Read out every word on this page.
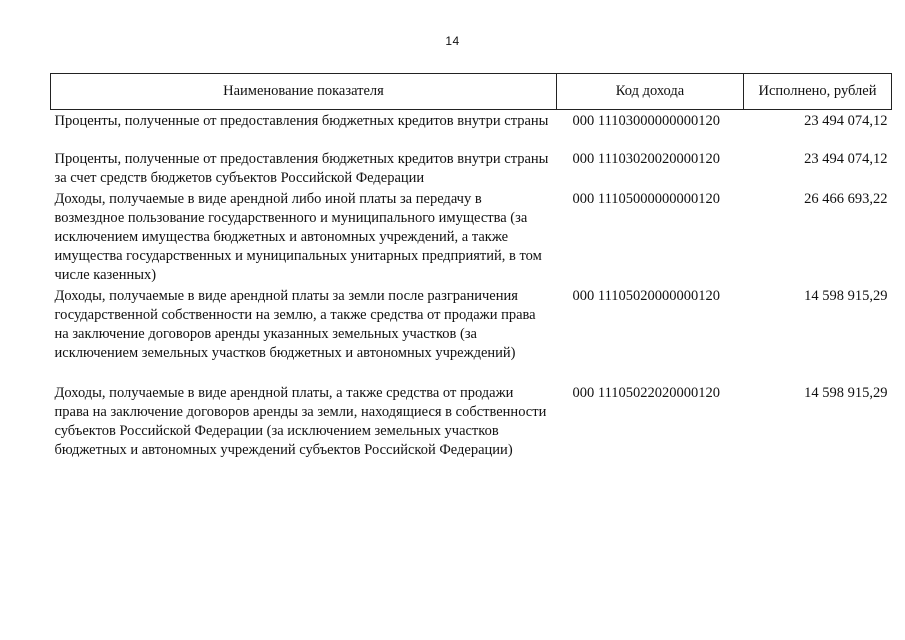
14
Наименование показателя	Код дохода	Исполнено, рублей
Проценты, полученные от предоставления бюджетных кредитов внутри страны	000 11103000000000120	23 494 074,12
Проценты, полученные от предоставления бюджетных кредитов внутри страны за счет средств бюджетов субъектов Российской Федерации	000 11103020020000120	23 494 074,12
Доходы, получаемые в виде арендной либо иной платы за передачу в возмездное пользование государственного и муниципального имущества (за исключением имущества бюджетных и автономных учреждений, а также имущества государственных и муниципальных унитарных предприятий, в том числе казенных)	000 11105000000000120	26 466 693,22
Доходы, получаемые в виде арендной платы за земли после разграничения государственной собственности на землю, а также средства от продажи права на заключение договоров аренды указанных земельных участков (за исключением земельных участков бюджетных и автономных учреждений)	000 11105020000000120	14 598 915,29
Доходы, получаемые в виде арендной платы, а также средства от продажи права на заключение договоров аренды за земли, находящиеся в собственности субъектов Российской Федерации (за исключением земельных участков бюджетных и автономных учреждений субъектов Российской Федерации)	000 11105022020000120	14 598 915,29
